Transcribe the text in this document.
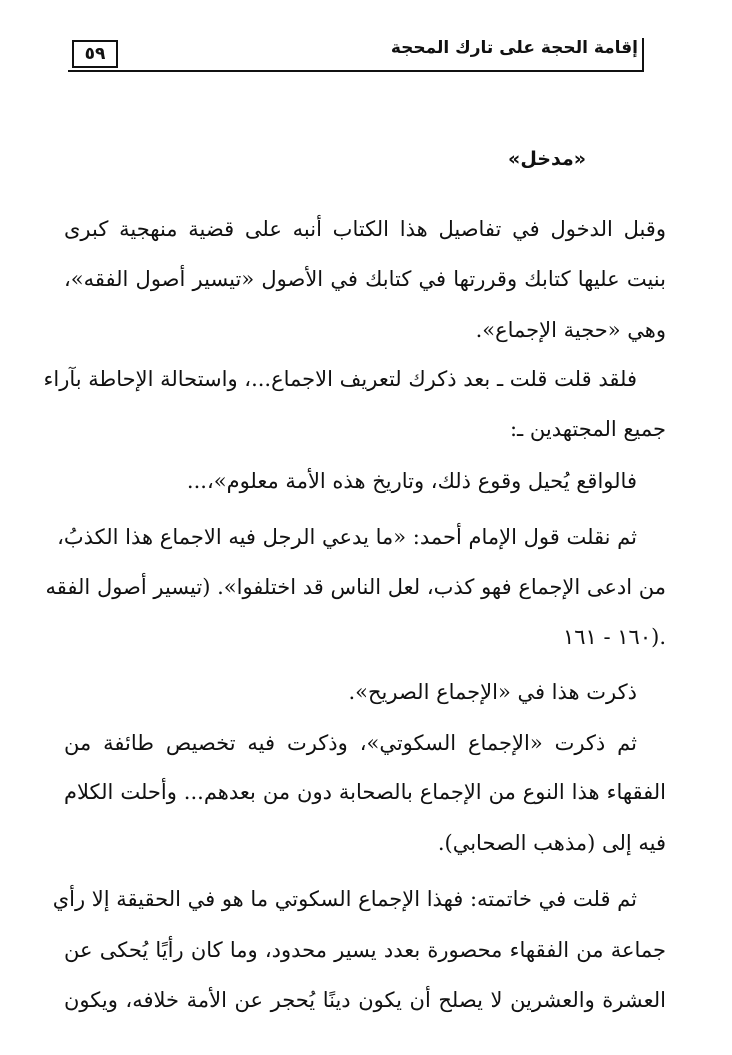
٥٩	إقامة الحجة على تارك المحجة
«مدخل»
وقبل الدخول في تفاصيل هذا الكتاب أنبه على قضية منهجية كبرى
بنيت عليها كتابك وقررتها في كتابك في الأصول «تيسير أصول الفقه»،
وهي «حجية الإجماع».
فلقد قلت قلت ـ بعد ذكرك لتعريف الاجماع...، واستحالة الإحاطة بآراء
جميع المجتهدين ـ:
فالواقع يُحيل وقوع ذلك، وتاريخ هذه الأمة معلوم»،...
ثم نقلت قول الإمام أحمد: «ما يدعي الرجل فيه الاجماع هذا الكذبُ،
من ادعى الإجماع فهو كذب، لعل الناس قد اختلفوا». (تيسير أصول الفقه
١٦٠ - ١٦١).
ذكرت هذا في «الإجماع الصريح».
ثم ذكرت «الإجماع السكوتي»، وذكرت فيه تخصيص طائفة من
الفقهاء هذا النوع من الإجماع بالصحابة دون من بعدهم... وأحلت الكلام
فيه إلى (مذهب الصحابي).
ثم قلت في خاتمته: فهذا الإجماع السكوتي ما هو في الحقيقة إلا رأي
جماعة من الفقهاء محصورة بعدد يسير محدود، وما كان رأيًا يُحكى عن
العشرة والعشرين لا يصلح أن يكون دينًا يُحجر عن الأمة خلافه، ويكون
